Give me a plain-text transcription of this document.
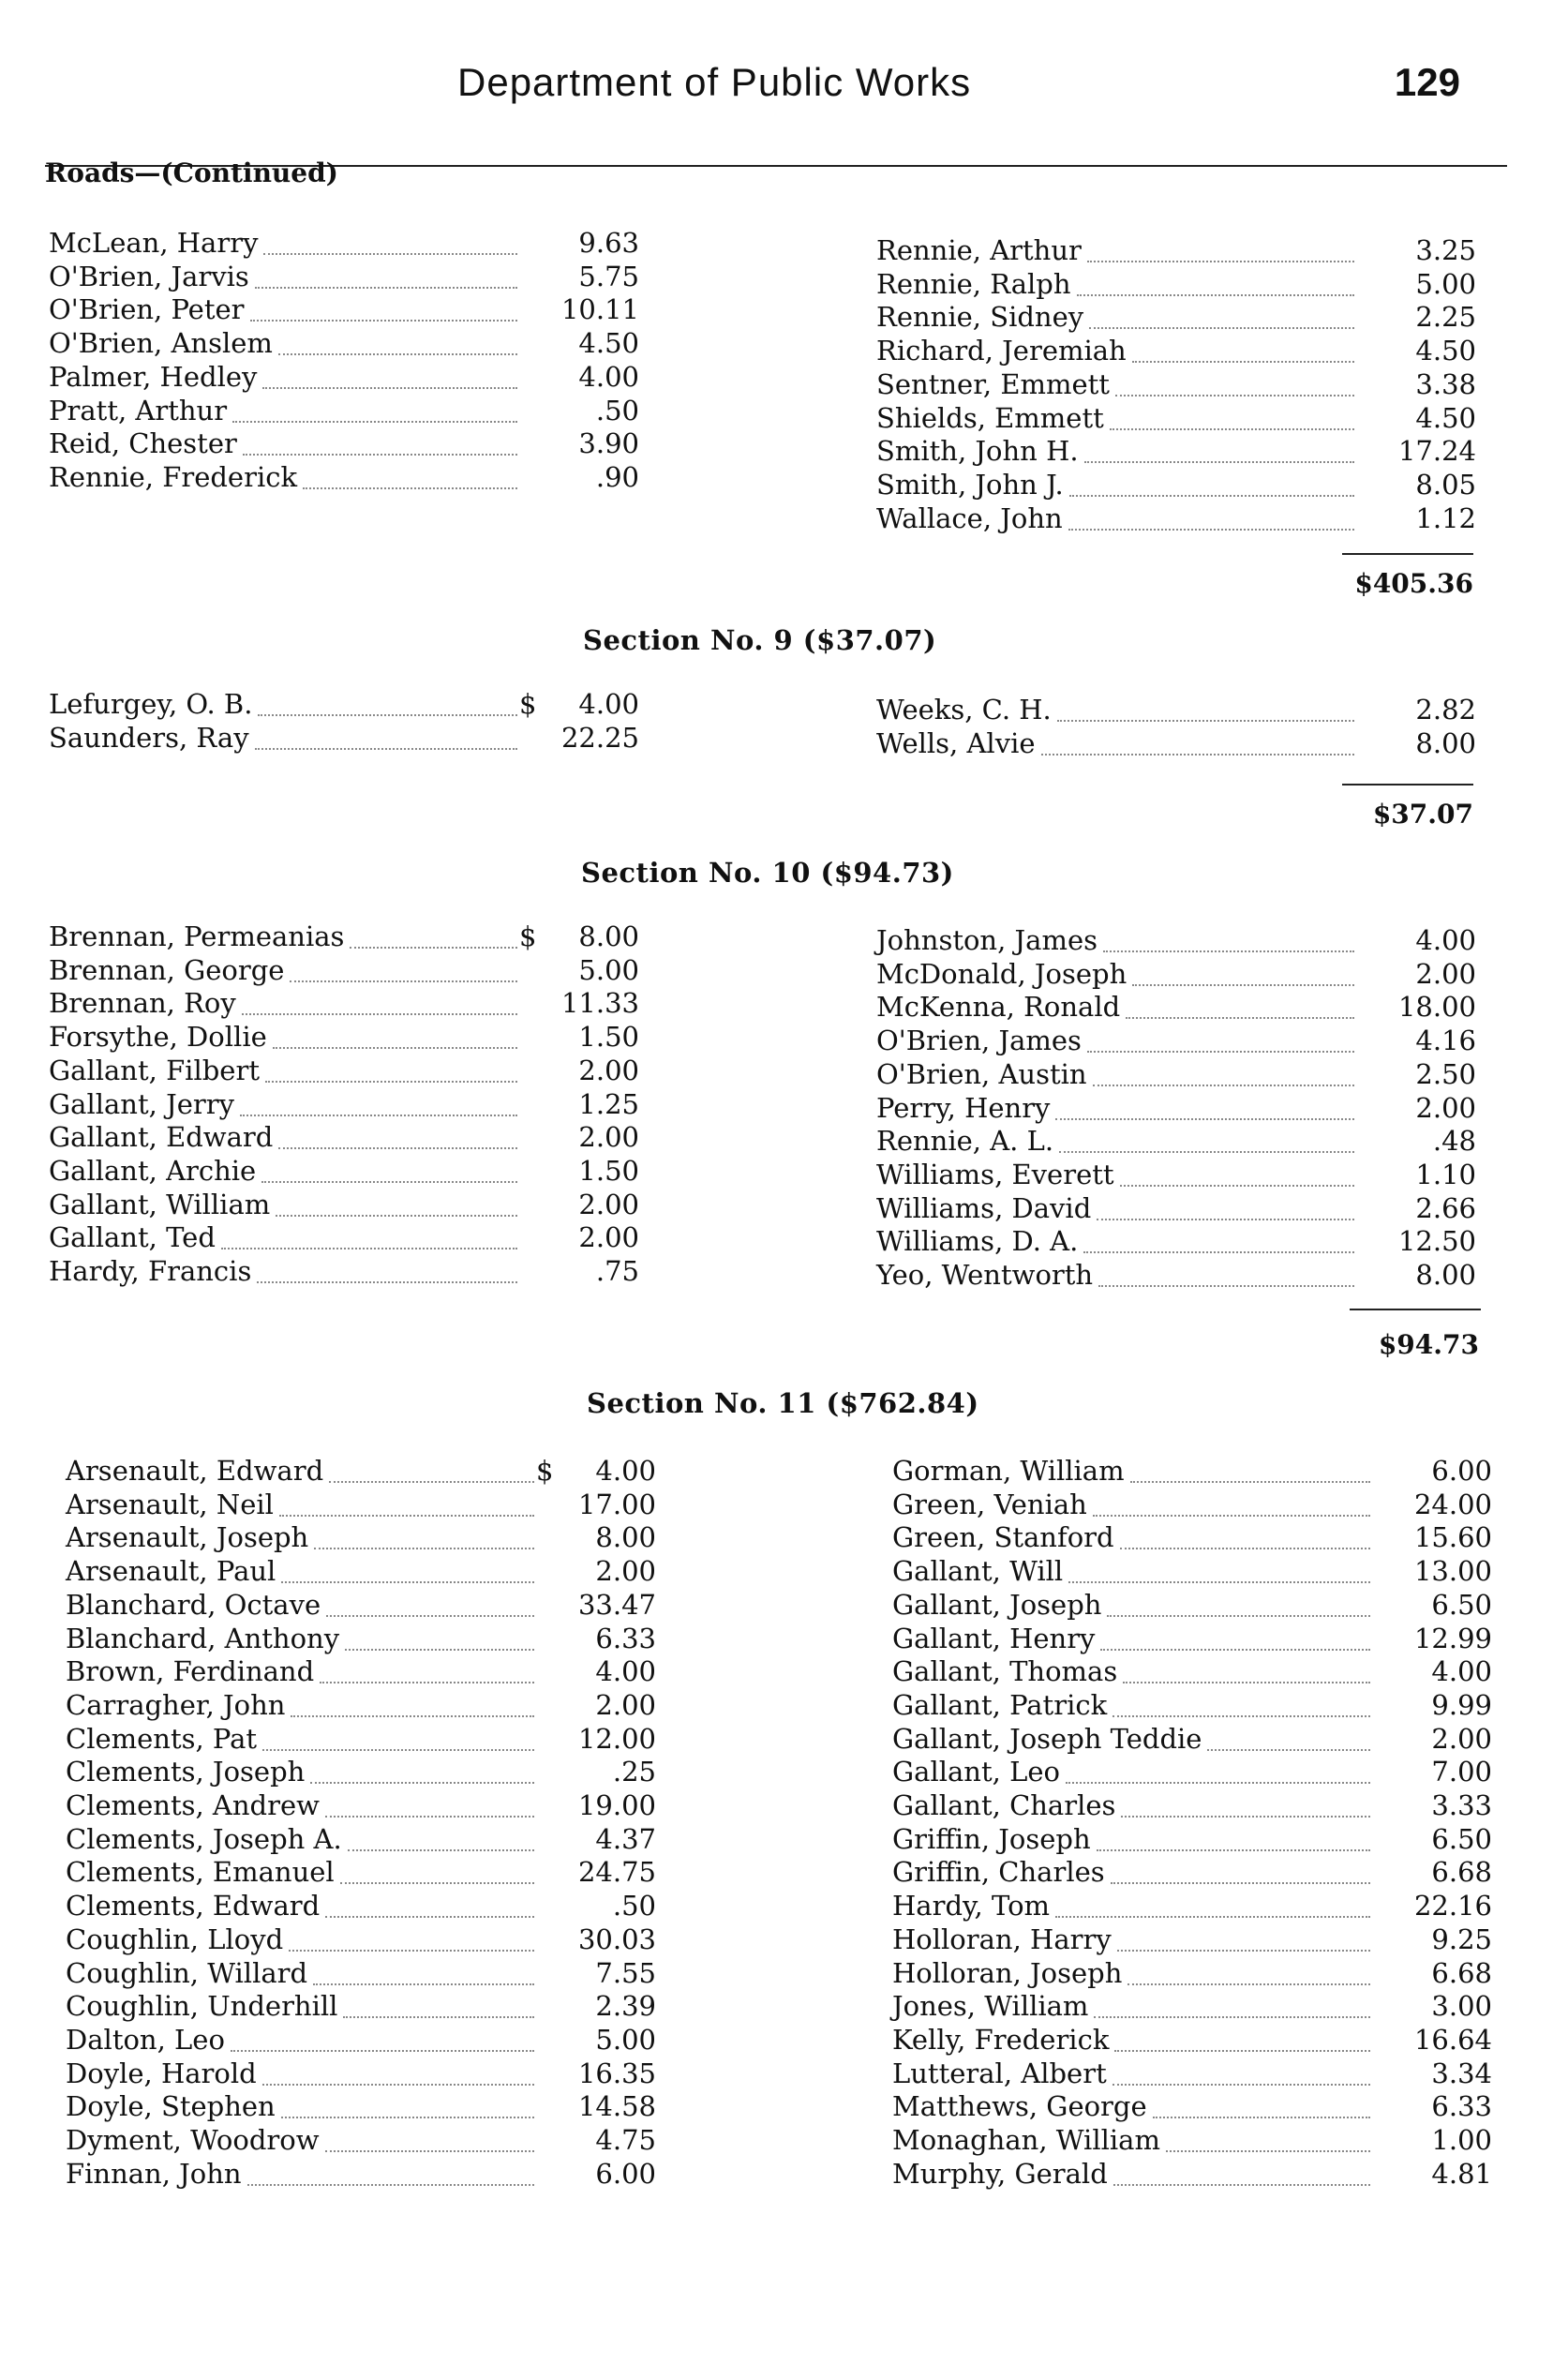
Department of Public Works	129
Roads—(Continued)
McLean, Harry	9.63
O'Brien, Jarvis	5.75
O'Brien, Peter	10.11
O'Brien, Anslem	4.50
Palmer, Hedley	4.00
Pratt, Arthur	.50
Reid, Chester	3.90
Rennie, Frederick	.90
Rennie, Arthur	3.25
Rennie, Ralph	5.00
Rennie, Sidney	2.25
Richard, Jeremiah	4.50
Sentner, Emmett	3.38
Shields, Emmett	4.50
Smith, John H.	17.24
Smith, John J.	8.05
Wallace, John	1.12
$405.36
Section No. 9 ($37.07)
Lefurgey, O. B.	$	4.00
Saunders, Ray	22.25
Weeks, C. H.	2.82
Wells, Alvie	8.00
$37.07
Section No. 10 ($94.73)
Brennan, Permeanias	$	8.00
Brennan, George	5.00
Brennan, Roy	11.33
Forsythe, Dollie	1.50
Gallant, Filbert	2.00
Gallant, Jerry	1.25
Gallant, Edward	2.00
Gallant, Archie	1.50
Gallant, William	2.00
Gallant, Ted	2.00
Hardy, Francis	.75
Johnston, James	4.00
McDonald, Joseph	2.00
McKenna, Ronald	18.00
O'Brien, James	4.16
O'Brien, Austin	2.50
Perry, Henry	2.00
Rennie, A. L.	.48
Williams, Everett	1.10
Williams, David	2.66
Williams, D. A.	12.50
Yeo, Wentworth	8.00
$94.73
Section No. 11 ($762.84)
Arsenault, Edward	$	4.00
Arsenault, Neil	17.00
Arsenault, Joseph	8.00
Arsenault, Paul	2.00
Blanchard, Octave	33.47
Blanchard, Anthony	6.33
Brown, Ferdinand	4.00
Carragher, John	2.00
Clements, Pat	12.00
Clements, Joseph	.25
Clements, Andrew	19.00
Clements, Joseph A.	4.37
Clements, Emanuel	24.75
Clements, Edward	.50
Coughlin, Lloyd	30.03
Coughlin, Willard	7.55
Coughlin, Underhill	2.39
Dalton, Leo	5.00
Doyle, Harold	16.35
Doyle, Stephen	14.58
Dyment, Woodrow	4.75
Finnan, John	6.00
Gorman, William	6.00
Green, Veniah	24.00
Green, Stanford	15.60
Gallant, Will	13.00
Gallant, Joseph	6.50
Gallant, Henry	12.99
Gallant, Thomas	4.00
Gallant, Patrick	9.99
Gallant, Joseph Teddie	2.00
Gallant, Leo	7.00
Gallant, Charles	3.33
Griffin, Joseph	6.50
Griffin, Charles	6.68
Hardy, Tom	22.16
Holloran, Harry	9.25
Holloran, Joseph	6.68
Jones, William	3.00
Kelly, Frederick	16.64
Lutteral, Albert	3.34
Matthews, George	6.33
Monaghan, William	1.00
Murphy, Gerald	4.81
